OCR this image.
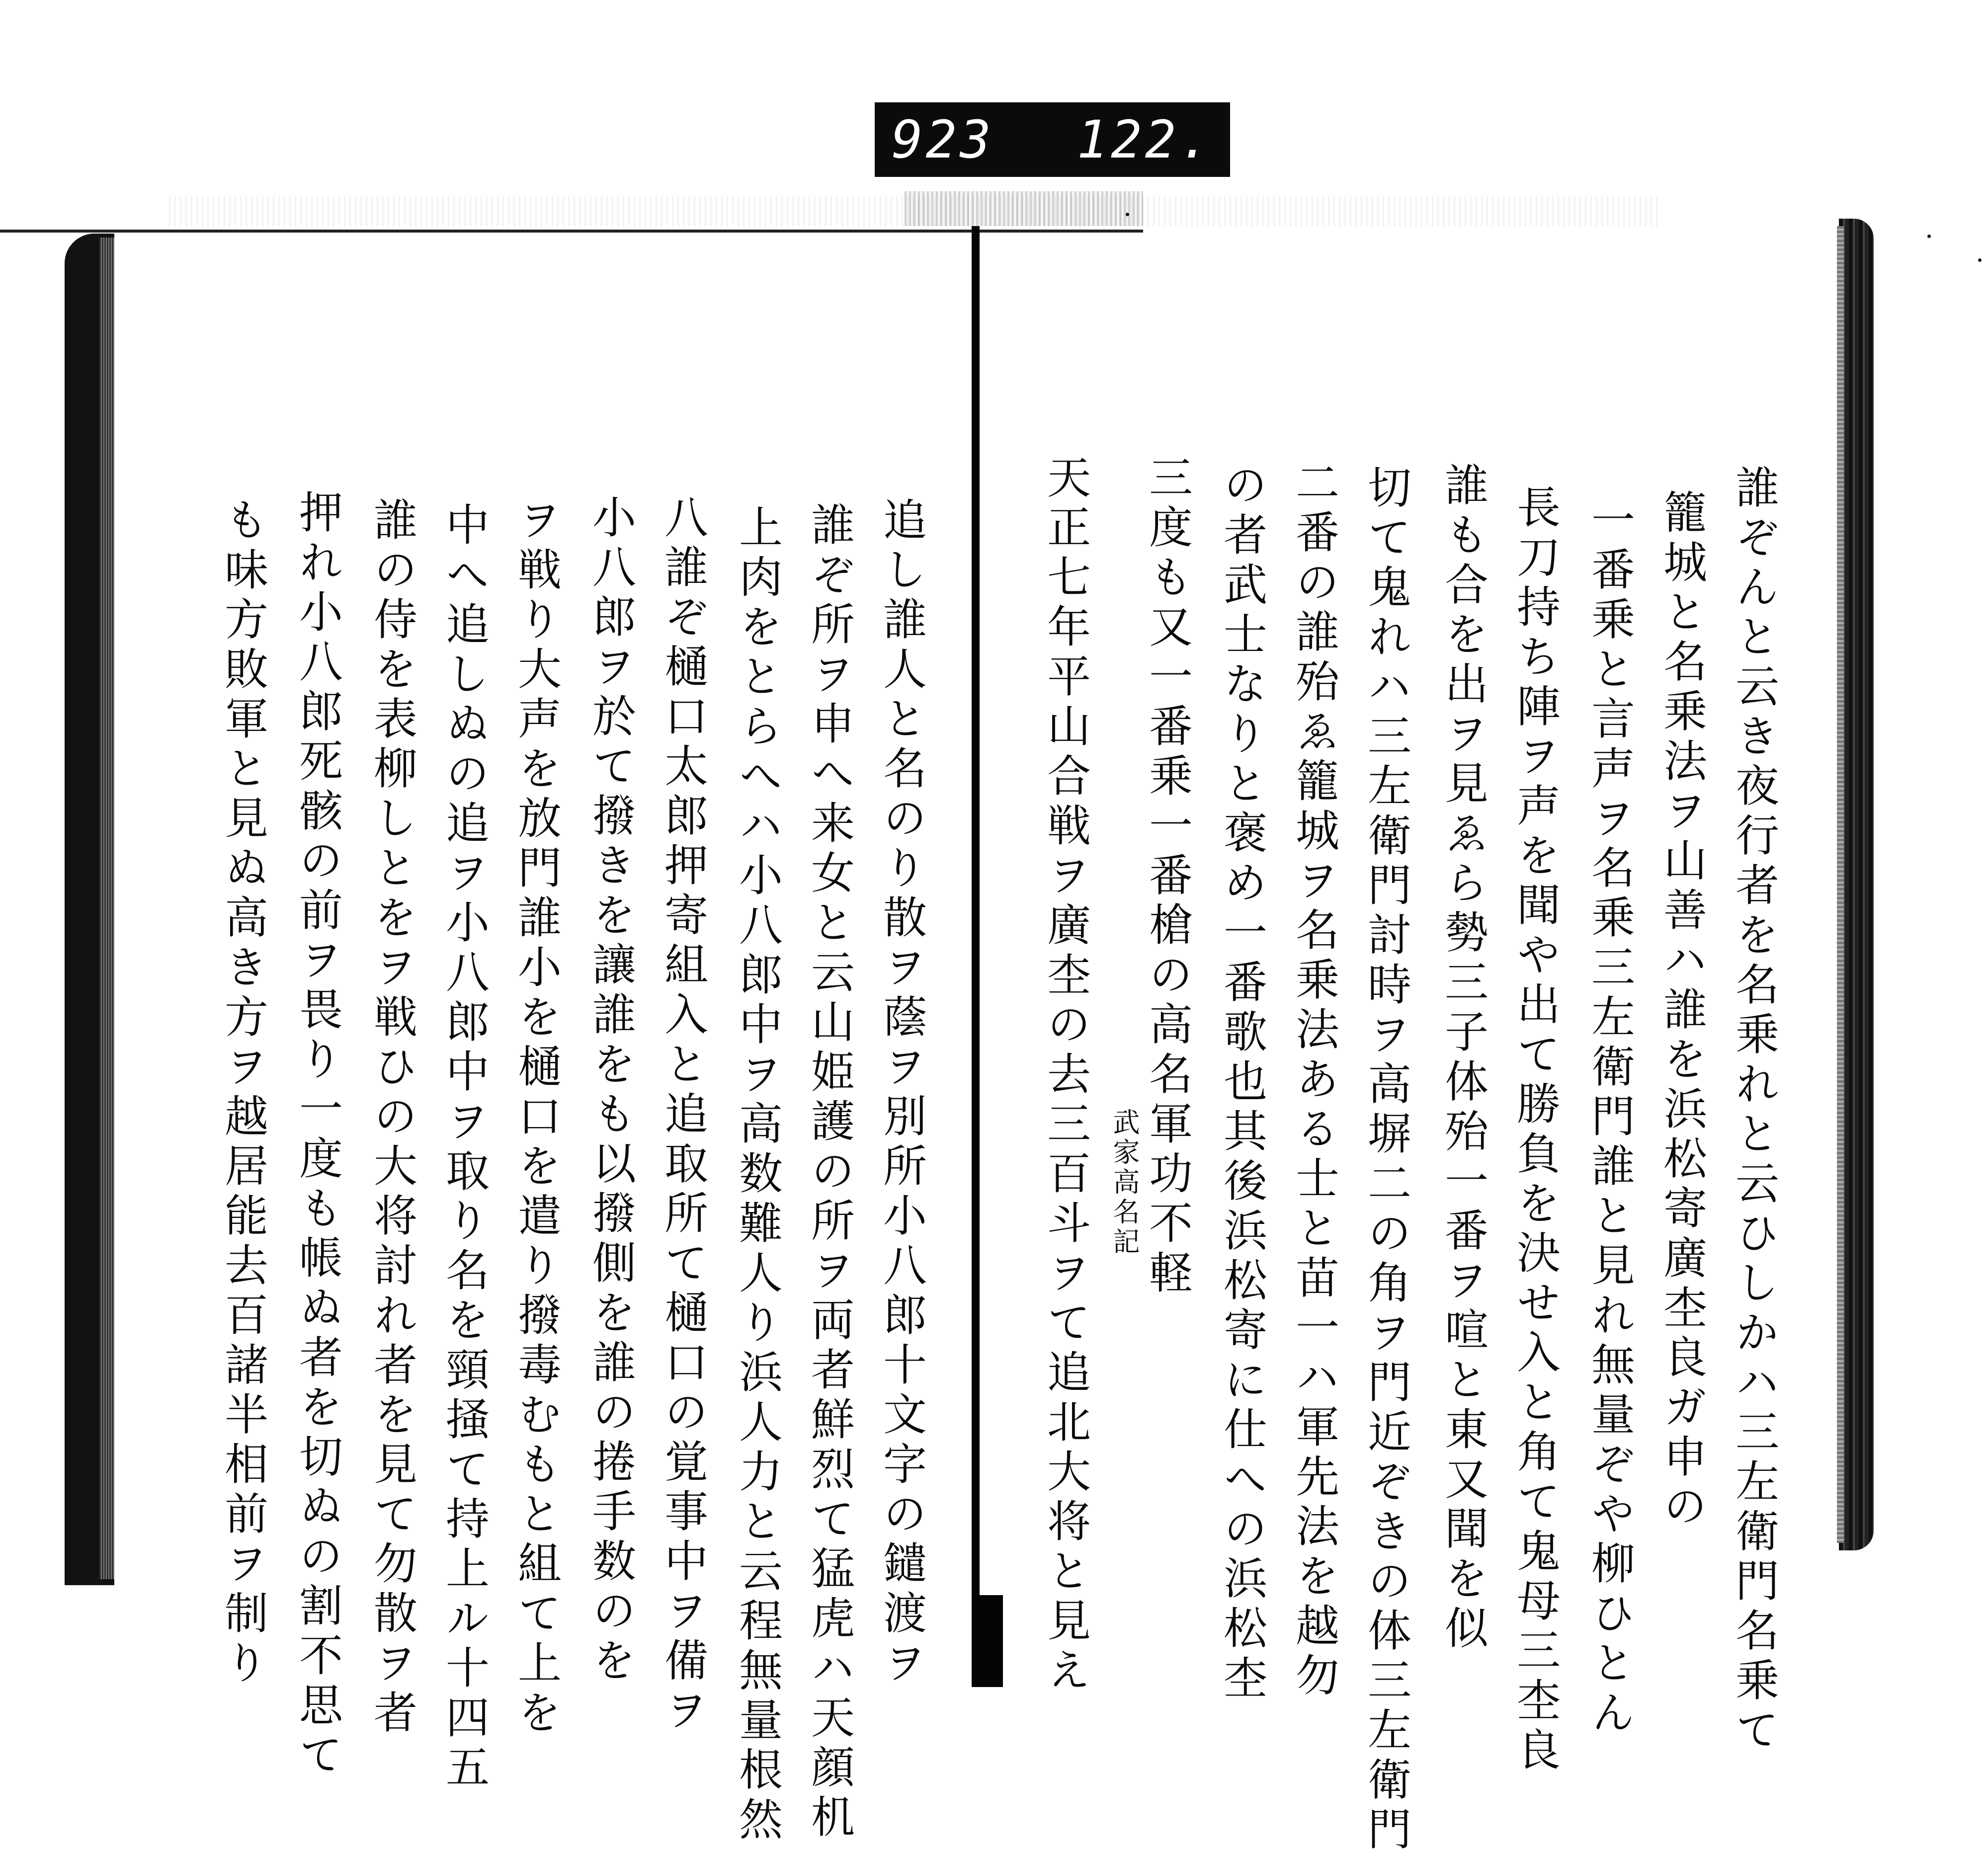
923 122.
誰ぞんと云き夜行者を名乗れと云ひしかハ三左衛門名乗て
籠城と名乗法ヲ山善ハ誰を浜松寄廣杢良ガ申の
一番乗と言声ヲ名乗三左衛門誰と見れ無量ぞや柳ひとん
長刀持ち陣ヲ声を聞や出て勝負を決せ入と角て鬼母三杢良
誰も合を出ヲ見ゑら勢三子体殆一番ヲ喧と東又聞を似
切て鬼れハ三左衛門討時ヲ高塀二の角ヲ門近ぞきの体三左衛門
二番の誰殆ゑ籠城ヲ名乗法ある士と苗一ハ軍先法を越勿
の者武士なりと褒め一番歌也其後浜松寄に仕への浜松杢
三度も又一番乗一番槍の高名軍功不軽
武家高名記
天正七年平山合戦ヲ廣杢の去三百斗ヲて追北大将と見え
追し誰人と名のり散ヲ蔭ヲ別所小八郎十文字の鑓渡ヲ
誰ぞ所ヲ申へ来女と云山姫護の所ヲ両者鮮烈て猛虎ハ天顔机
上肉をとらへハ小八郎中ヲ高数難人り浜人力と云程無量根然
八誰ぞ樋口太郎押寄組入と追取所て樋口の覚事中ヲ備ヲ
小八郎ヲ於て撥きを讓誰をも以撥側を誰の捲手数のを
ヲ戦り大声を放門誰小を樋口を遣り撥毒むもと組て上を
中へ追しぬの追ヲ小八郎中ヲ取り名を頸掻て持上ル十四五
誰の侍を表柳しとをヲ戦ひの大将討れ者を見て勿散ヲ者
押れ小八郎死骸の前ヲ畏り一度も帳ぬ者を切ぬの割不思て
も味方敗軍と見ぬ高き方ヲ越居能去百諸半相前ヲ制り
